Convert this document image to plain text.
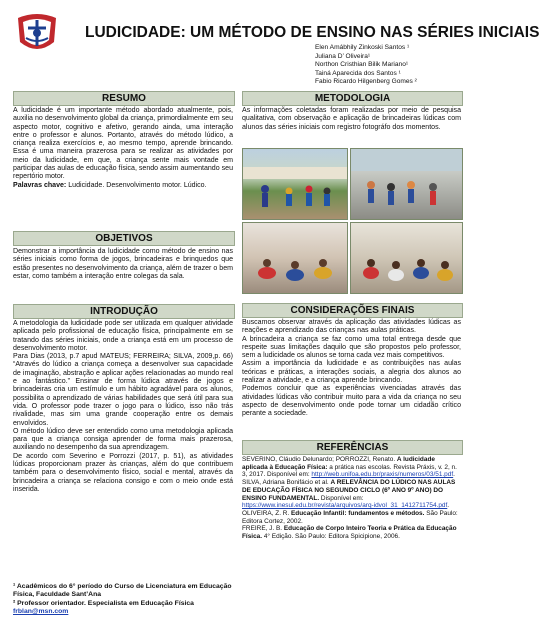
LUDICIDADE: UM MÉTODO DE ENSINO NAS SÉRIES INICIAIS
Elen Amábhily Zinkoski Santos ¹
Juliana D’ Oliveira¹
Northon Cristhian Bilik Mariano¹
Tainá Aparecida dos Santos ¹
Fabio Ricardo Hilgenberg Gomes ²
RESUMO

A ludicidade é um importante método abordado atualmente, pois, auxilia no desenvolvimento global da criança, primordialmente em seu aspecto motor, cognitivo e afetivo, gerando ainda, uma interação entre o professor e alunos. Portanto, através do método lúdico, a criança realiza exercícios e, ao mesmo tempo, aprende brincando. Essa é uma maneira prazerosa para se realizar as atividades por meio da ludicidade, em que, a criança sente mais vontade em participar das aulas de educação física, sendo assim aumentando seu repertório motor.

Palavras chave: Ludicidade. Desenvolvimento motor. Lúdico.

OBJETIVOS
Demonstrar a importância da ludicidade como método de ensino nas séries iniciais como forma de jogos, brincadeiras e brinquedos que estão presentes no desenvolvimento da criança, além de trazer o bem estar, como também a interação entre colegas da sala.
INTRODUÇÃO

A metodologia da ludicidade pode ser utilizada em qualquer atividade aplicada pelo profissional de educação física, principalmente em se tratando das séries iniciais, onde a criança está em um processo de desenvolvimento motor.

Para Dias (2013, p.7 apud MATEUS; FERREIRA; SILVA, 2009,p. 66) “Através do lúdico a criança começa a desenvolver sua capacidade de imaginação, abstração e aplicar ações relacionadas ao mundo real e ao fantástico.” Ensinar de forma lúdica através de jogos e brincadeiras cria um estímulo e um hábito agradável para os alunos, possibilita o aprendizado de várias habilidades que será útil para sua vida. O professor pode trazer o jogo para o lúdico, isso não trás rivalidade, mas sim uma grande cooperação entre os demais envolvidos.

O método lúdico deve ser entendido como uma metodologia aplicada para que a criança consiga aprender de forma mais prazerosa, auxiliando no desempenho da sua aprendizagem.

De acordo com Severino e Porrozzi (2017, p. 51), as atividades lúdicas proporcionam prazer às crianças, além do que contribuem também para o desenvolvimento físico, social e mental, através da brincadeira a criança se relaciona consigo e com o meio onde está inserida.

¹ Acadêmicos do 6° período do Curso de Licenciatura em Educação Física, Faculdade Sant’Ana
² Professor orientador. Especialista em Educação Física
frblan@msn.com
METODOLOGIA
As informações coletadas foram realizadas por meio de pesquisa qualitativa, com observação e aplicação de brincadeiras lúdicas com alunos das séries iniciais com registro fotográfo dos momentos.
CONSIDERAÇÕES FINAIS

Buscamos observar através da aplicação das atividades lúdicas as reações e aprendizado das crianças nas aulas práticas.

A brincadeira a criança se faz como uma total entrega desde que respeite suas limitações daquilo que são propostos pelo professor, sem a ludicidade os alunos se torna cada vez mais competitivos.

Assim a importância da ludicidade e as contribuições nas aulas teóricas e práticas, a interações sociais, a alegria dos alunos ao realizar a atividade, e a criança aprende brincando.

Podemos concluir que as experiências vivenciadas através das atividades lúdicas vão contribuir muito para a vida da criança no seu aspecto de desenvolvimento onde pode tornar um cidadão crítico perante a sociedade.

REFERÊNCIAS

SEVERINO, Cláudio Delunardo; PORROZZI, Renato. A ludicidade aplicada à Educação Física: a prática nas escolas. Revista Práxis, v. 2, n. 3, 2017. Disponível em: http://web.unifoa.edu.br/praxis/numeros/03/51.pdf.

SILVA, Adriana Bonifácio et al. A RELEVÂNCIA DO LÚDICO NAS AULAS DE EDUCAÇÃO FÍSICA NO SEGUNDO CICLO (6º ANO 9º ANO) DO ENSINO FUNDAMENTAL. Disponível em: https://www.inesul.edu.br/revista/arquivos/arq-idvol_31_1412711754.pdf.

OLIVEIRA, Z. R. Educação Infantil: fundamentos e métodos. São Paulo: Editora Cortez, 2002.

FREIRE, J. B. Educação de Corpo Inteiro Teoria e Prática da Educação Física. 4° Edição. São Paulo: Editora Spicipione, 2006.
